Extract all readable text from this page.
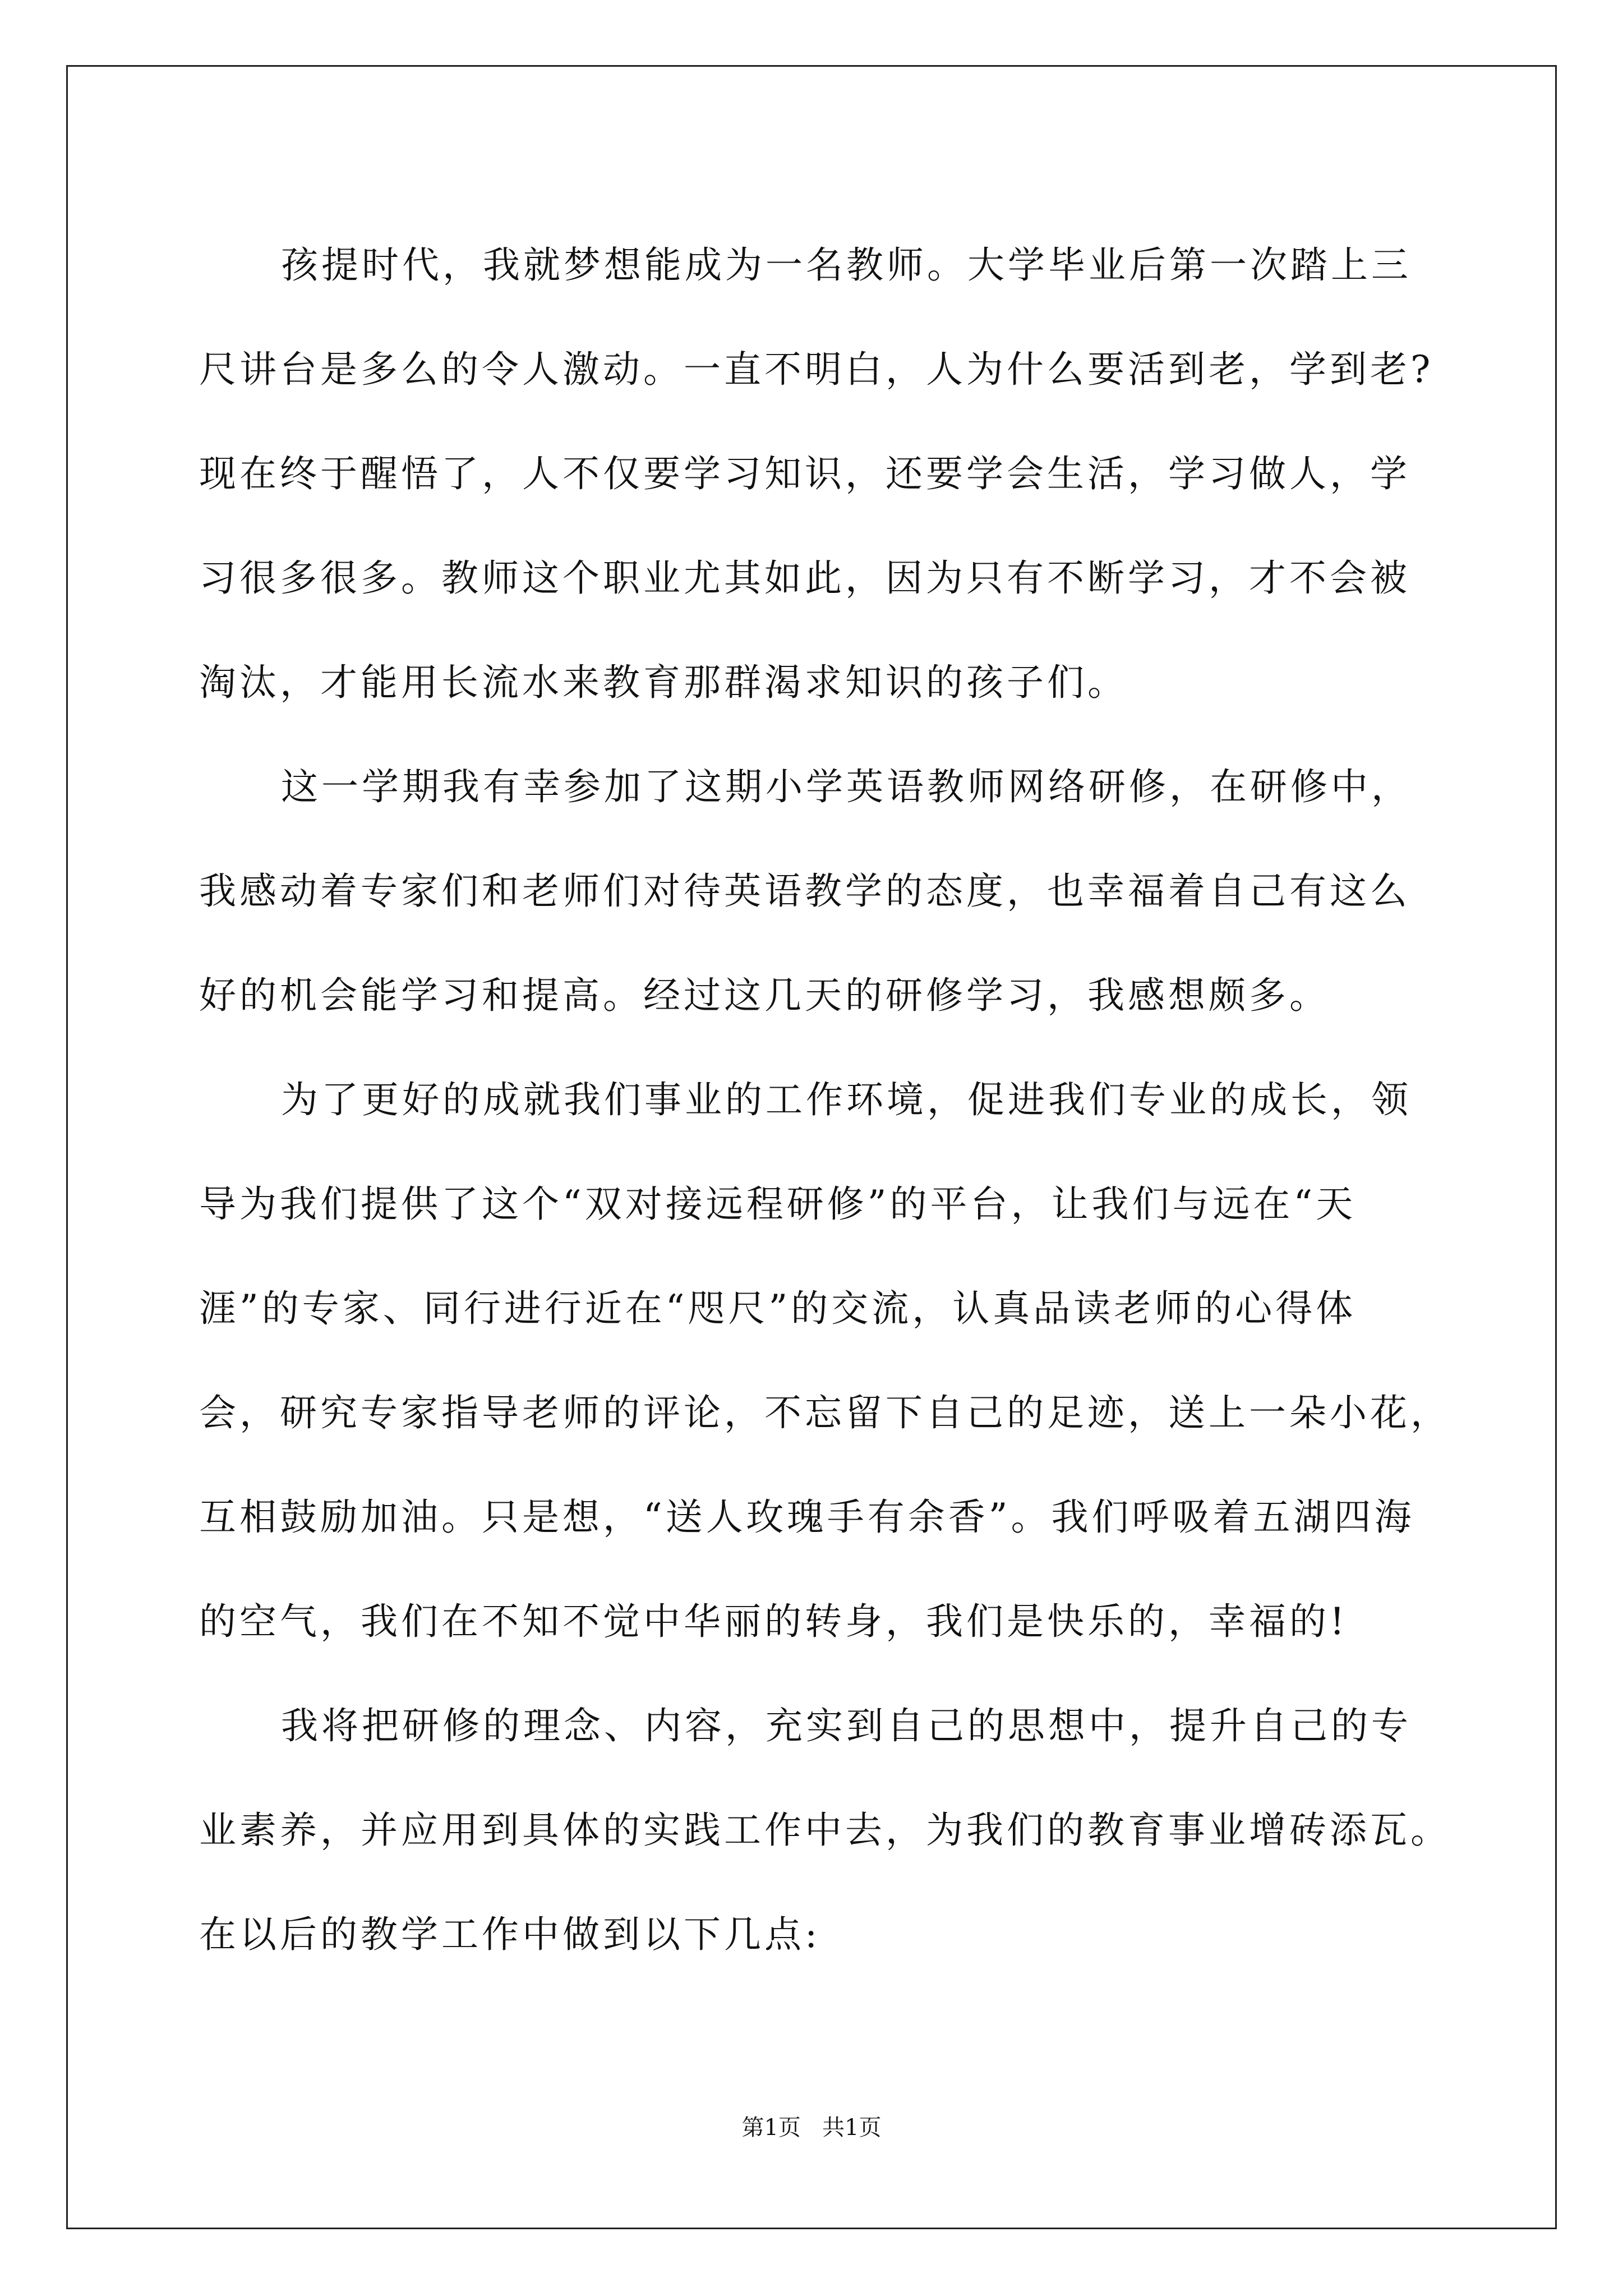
孩提时代，我就梦想能成为一名教师。大学毕业后第一次踏上三
尺讲台是多么的令人激动。一直不明白，人为什么要活到老，学到老?
现在终于醒悟了，人不仅要学习知识，还要学会生活，学习做人，学
习很多很多。教师这个职业尤其如此，因为只有不断学习，才不会被
淘汰，才能用长流水来教育那群渴求知识的孩子们。
这一学期我有幸参加了这期小学英语教师网络研修，在研修中，
我感动着专家们和老师们对待英语教学的态度，也幸福着自己有这么
好的机会能学习和提高。经过这几天的研修学习，我感想颇多。
为了更好的成就我们事业的工作环境，促进我们专业的成长，领
导为我们提供了这个“双对接远程研修”的平台，让我们与远在“天
涯”的专家、同行进行近在“咫尺”的交流，认真品读老师的心得体
会，研究专家指导老师的评论，不忘留下自己的足迹，送上一朵小花，
互相鼓励加油。只是想，“送人玫瑰手有余香”。我们呼吸着五湖四海
的空气，我们在不知不觉中华丽的转身，我们是快乐的，幸福的!
我将把研修的理念、内容，充实到自己的思想中，提升自己的专
业素养，并应用到具体的实践工作中去，为我们的教育事业增砖添瓦。
在以后的教学工作中做到以下几点:
第1页   共1页
